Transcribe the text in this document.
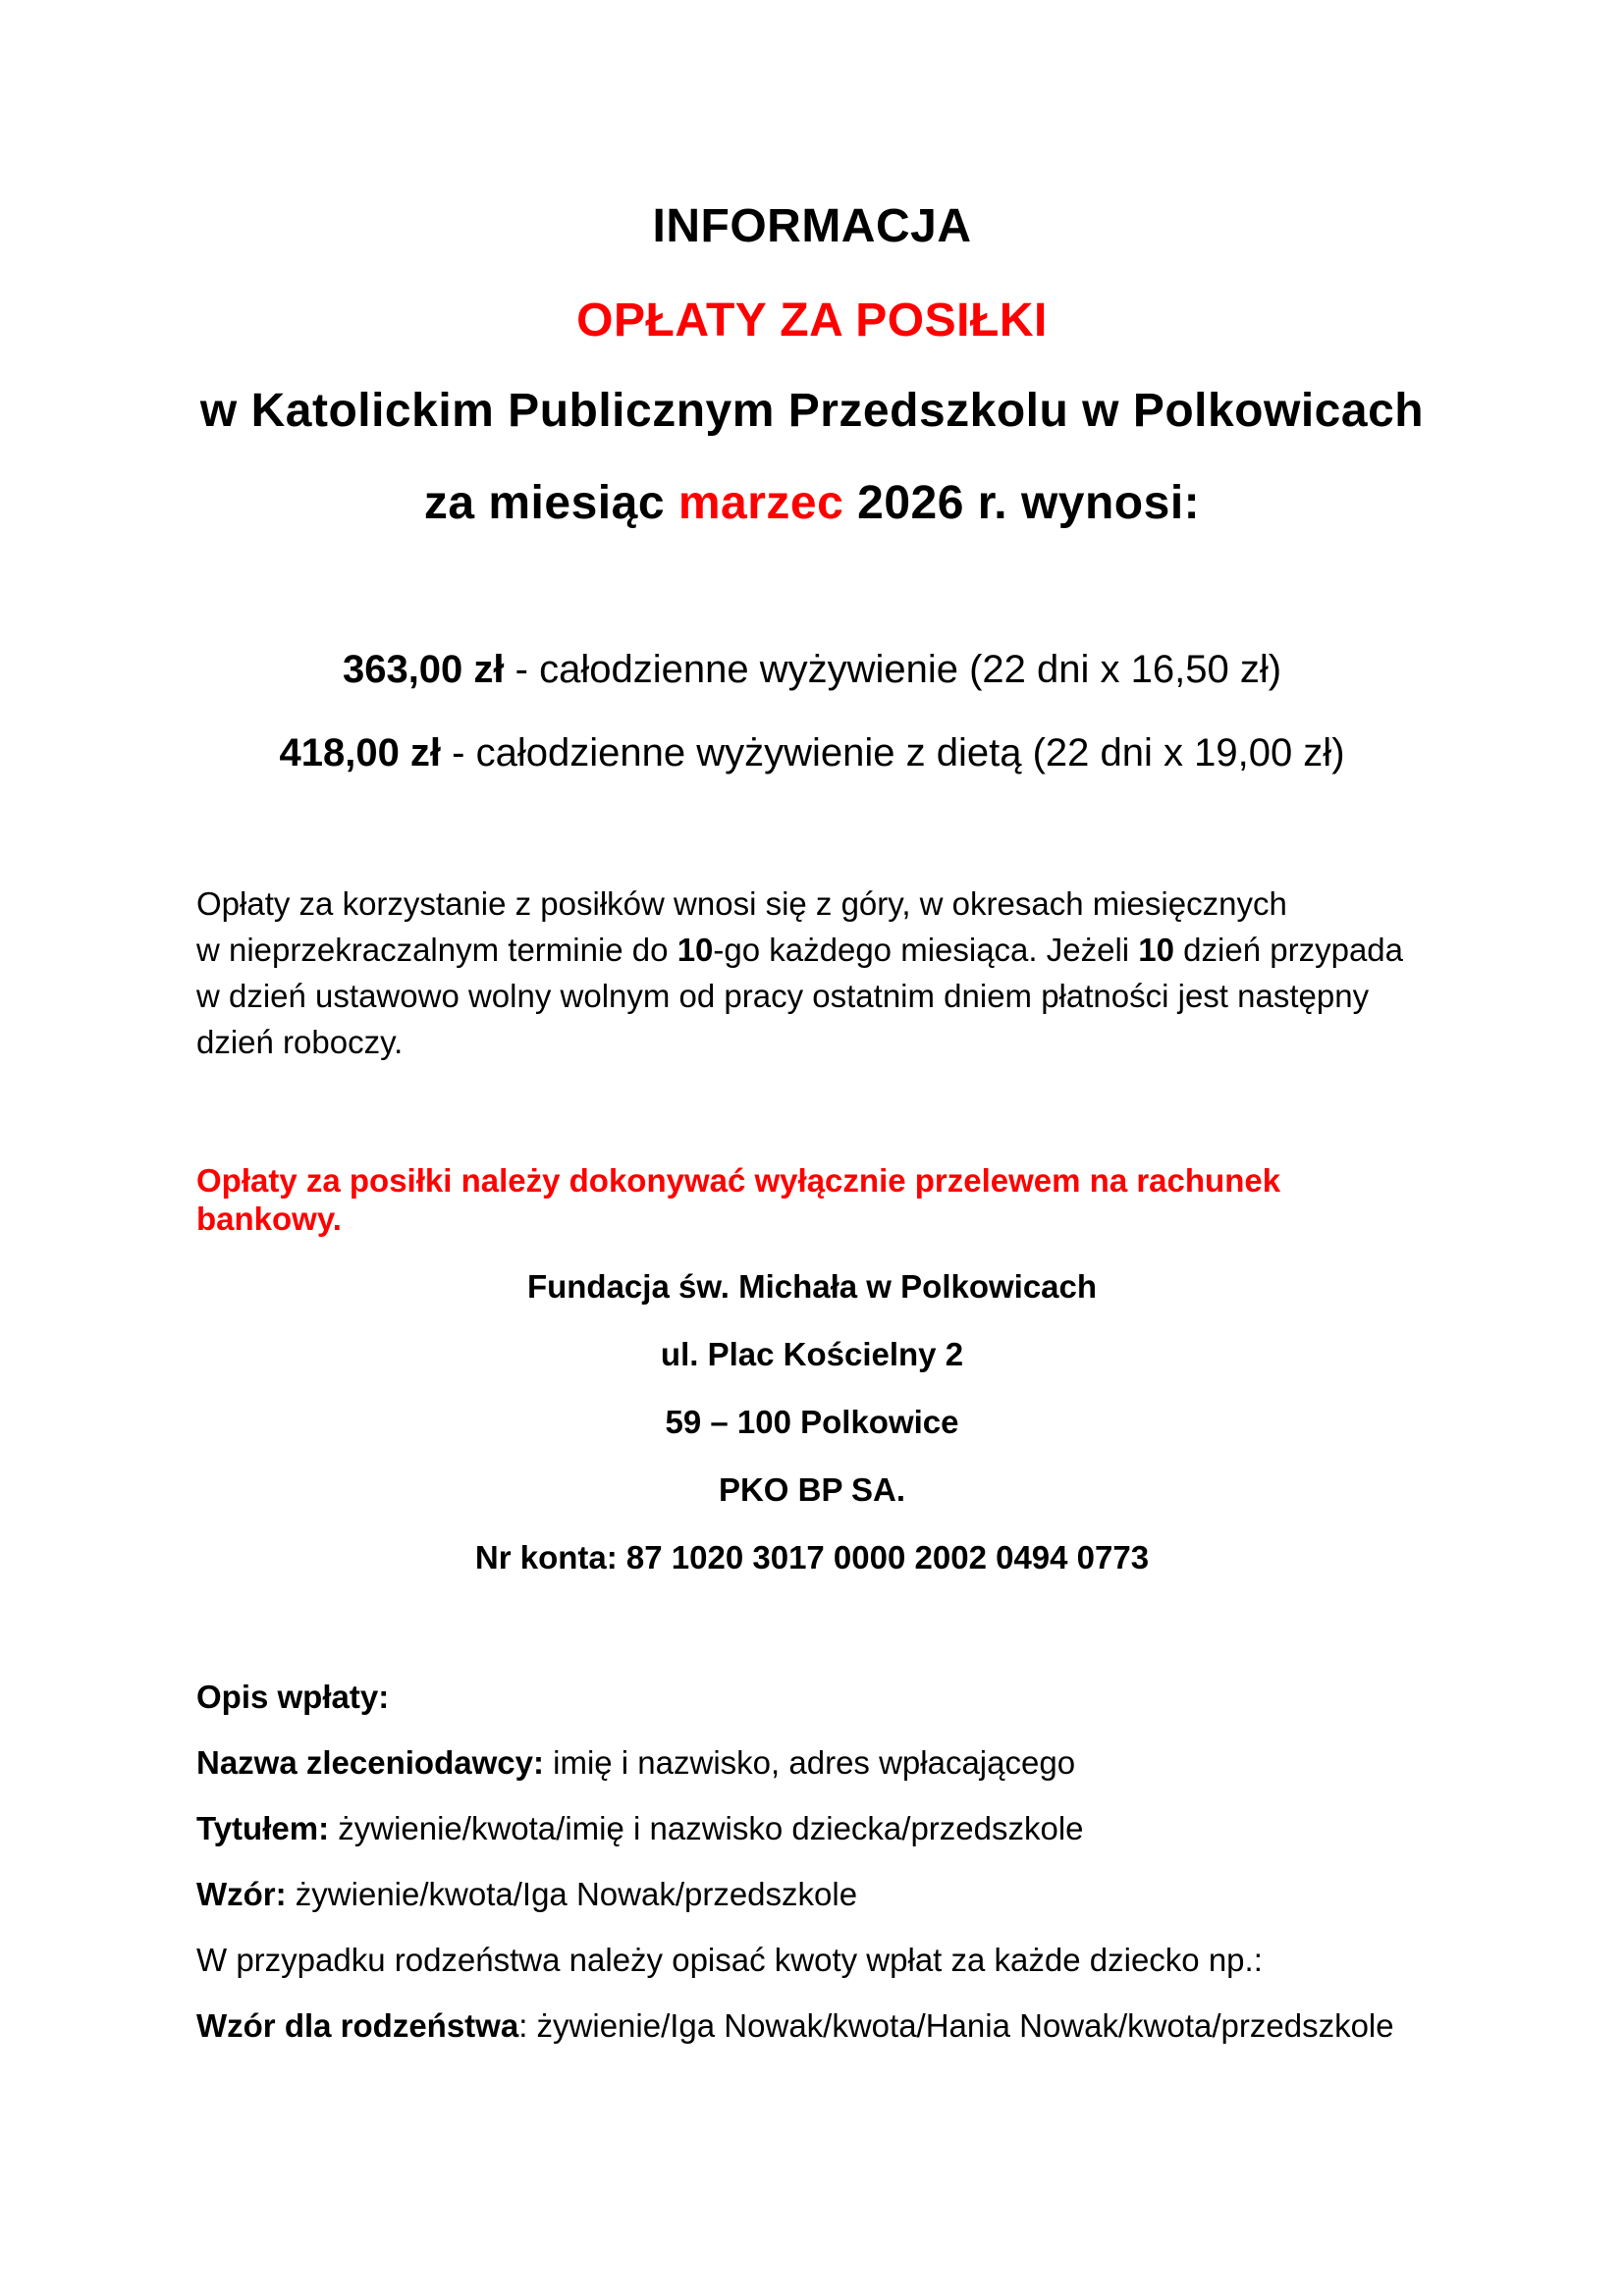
INFORMACJA

OPŁATY ZA POSIŁKI

w Katolickim Publicznym Przedszkolu w Polkowicach

za miesiąc marzec 2026 r. wynosi:

363,00 zł - całodzienne wyżywienie (22 dni x 16,50 zł)

418,00 zł - całodzienne wyżywienie z dietą (22 dni x 19,00 zł)

Opłaty za korzystanie z posiłków wnosi się z góry, w okresach miesięcznych
w nieprzekraczalnym terminie do 10-go każdego miesiąca. Jeżeli 10 dzień przypada
w dzień ustawowo wolny wolnym od pracy ostatnim dniem płatności jest następny
dzień roboczy.

Opłaty za posiłki należy dokonywać wyłącznie przelewem na rachunek bankowy.

Fundacja św. Michała w Polkowicach

ul. Plac Kościelny 2

59 – 100 Polkowice

PKO BP SA.

Nr konta: 87 1020 3017 0000 2002 0494 0773

Opis wpłaty:

Nazwa zleceniodawcy: imię i nazwisko, adres wpłacającego

Tytułem: żywienie/kwota/imię i nazwisko dziecka/przedszkole

Wzór: żywienie/kwota/Iga Nowak/przedszkole

W przypadku rodzeństwa należy opisać kwoty wpłat za każde dziecko np.:

Wzór dla rodzeństwa: żywienie/Iga Nowak/kwota/Hania Nowak/kwota/przedszkole
